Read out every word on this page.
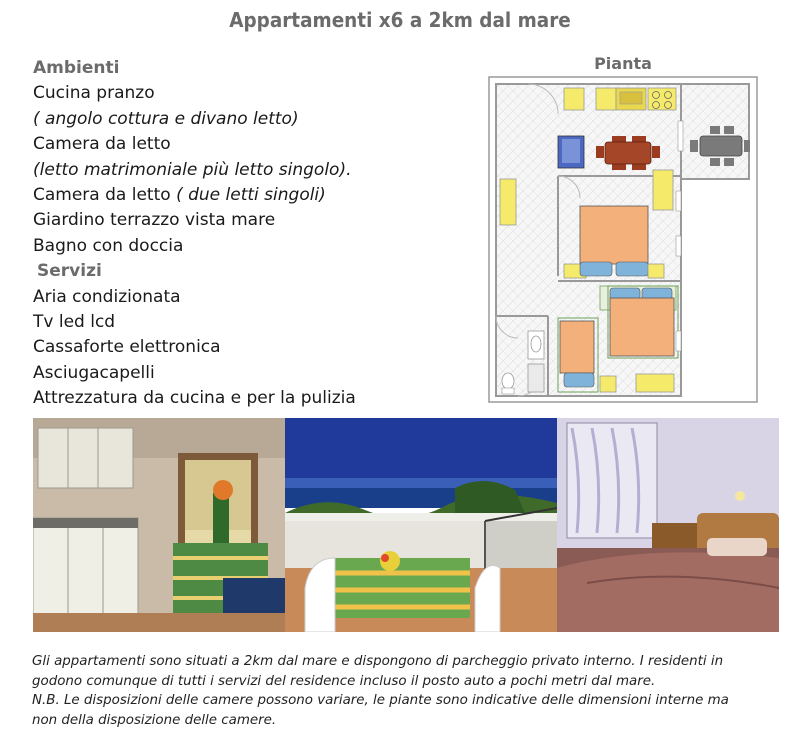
Appartamenti x6 a 2km dal mare
Ambienti
Cucina pranzo
( angolo cottura e divano letto)
Camera da letto
(letto matrimoniale più letto singolo).
Camera da letto ( due letti singoli)
Giardino terrazzo vista mare
Bagno con doccia
Servizi
Aria condizionata
Tv led lcd
Cassaforte elettronica
Asciugacapelli
Attrezzatura da cucina e per la pulizia
Pianta
Gli appartamenti sono situati a 2km dal mare e dispongono di parcheggio privato interno. I residenti in
godono comunque di tutti i servizi del residence incluso il posto auto a pochi metri dal mare.
N.B. Le disposizioni delle camere possono variare, le piante sono indicative delle dimensioni interne ma
non della disposizione delle camere.
